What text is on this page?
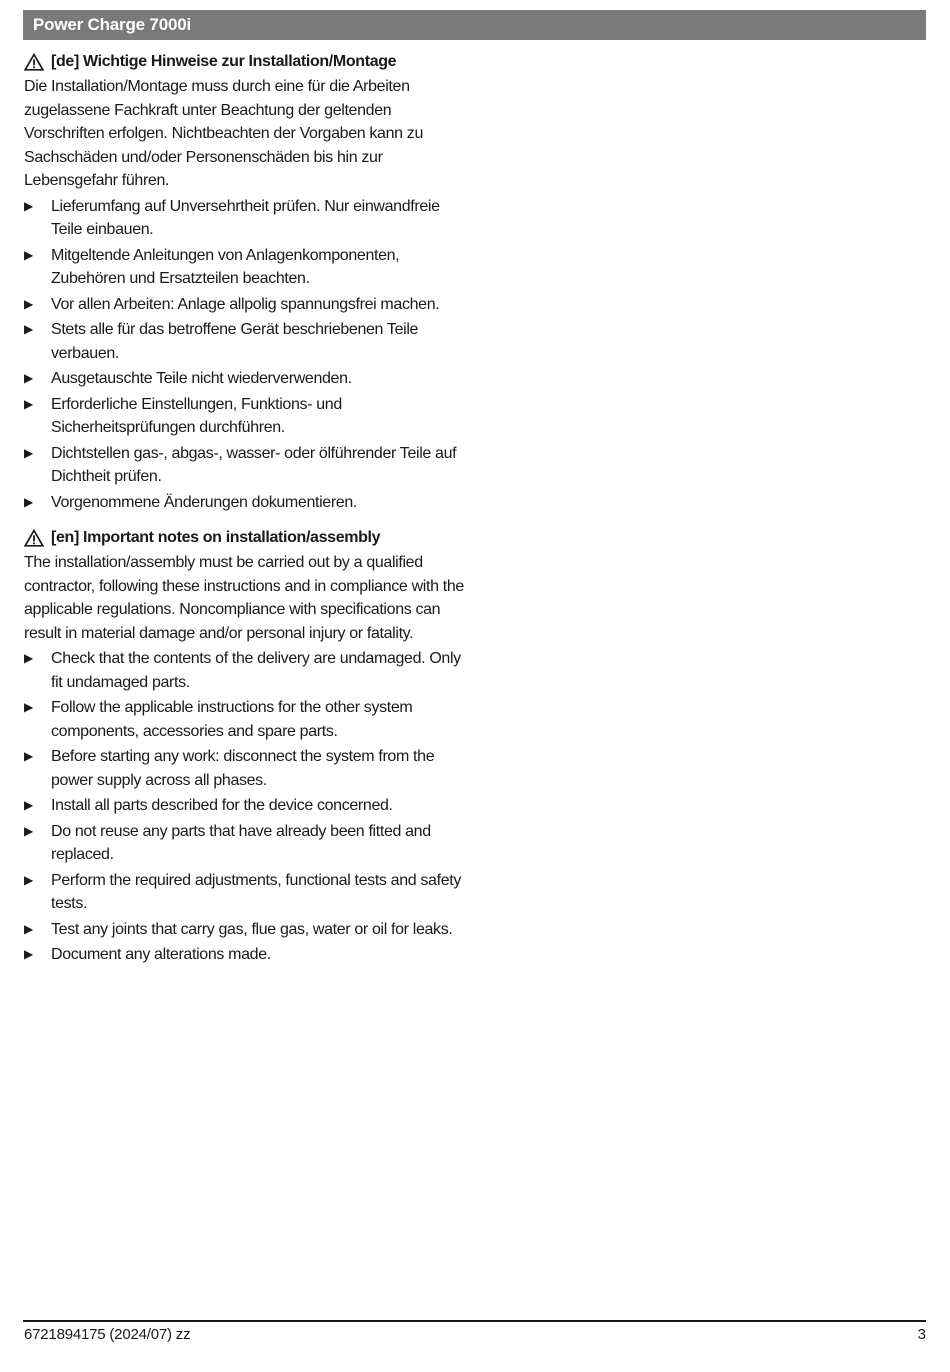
Power Charge 7000i
[de] Wichtige Hinweise zur Installation/Montage
Die Installation/Montage muss durch eine für die Arbeiten zugelassene Fachkraft unter Beachtung der geltenden Vorschriften erfolgen. Nichtbeachten der Vorgaben kann zu Sachschäden und/oder Personenschäden bis hin zur Lebensgefahr führen.
▶	Lieferumfang auf Unversehrtheit prüfen. Nur einwandfreie Teile einbauen.
▶	Mitgeltende Anleitungen von Anlagenkomponenten, Zubehören und Ersatzteilen beachten.
▶	Vor allen Arbeiten: Anlage allpolig spannungsfrei machen.
▶	Stets alle für das betroffene Gerät beschriebenen Teile verbauen.
▶	Ausgetauschte Teile nicht wiederverwenden.
▶	Erforderliche Einstellungen, Funktions- und Sicherheitsprüfungen durchführen.
▶	Dichtstellen gas-, abgas-, wasser- oder ölführender Teile auf Dichtheit prüfen.
▶	Vorgenommene Änderungen dokumentieren.
[en] Important notes on installation/assembly
The installation/assembly must be carried out by a qualified contractor, following these instructions and in compliance with the applicable regulations. Noncompliance with specifications can result in material damage and/or personal injury or fatality.
▶	Check that the contents of the delivery are undamaged. Only fit undamaged parts.
▶	Follow the applicable instructions for the other system components, accessories and spare parts.
▶	Before starting any work: disconnect the system from the power supply across all phases.
▶	Install all parts described for the device concerned.
▶	Do not reuse any parts that have already been fitted and replaced.
▶	Perform the required adjustments, functional tests and safety tests.
▶	Test any joints that carry gas, flue gas, water or oil for leaks.
▶	Document any alterations made.
6721894175 (2024/07) zz	3
